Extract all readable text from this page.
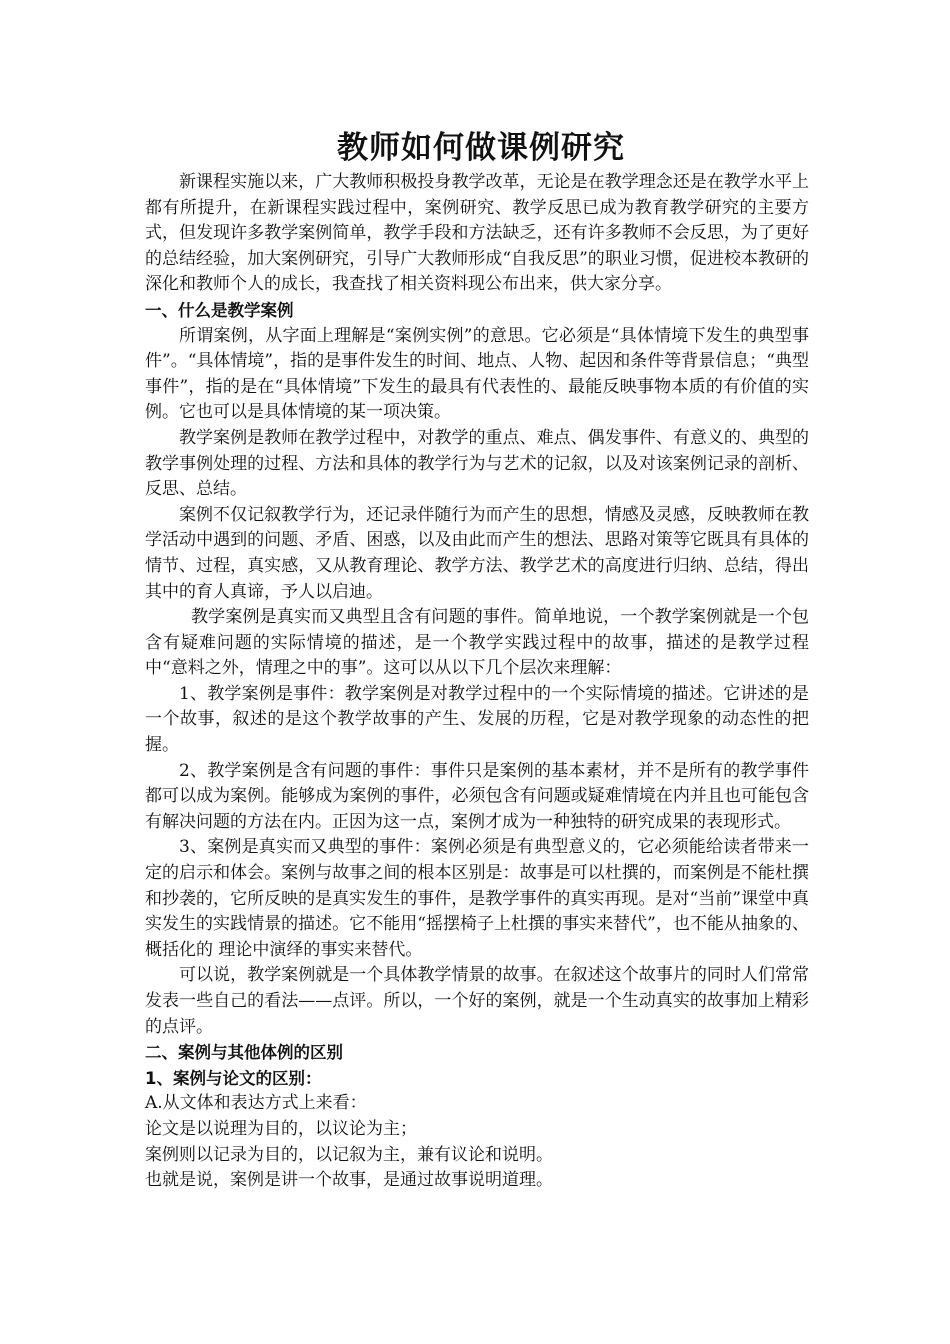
教师如何做课例研究

新课程实施以来，广大教师积极投身教学改革，无论是在教学理念还是在教学水平上都有所提升，在新课程实践过程中，案例研究、教学反思已成为教育教学研究的主要方式，但发现许多教学案例简单，教学手段和方法缺乏，还有许多教师不会反思，为了更好的总结经验，加大案例研究，引导广大教师形成“自我反思”的职业习惯，促进校本教研的深化和教师个人的成长，我查找了相关资料现公布出来，供大家分享。

一、什么是教学案例

所谓案例，从字面上理解是“案例实例”的意思。它必须是“具体情境下发生的典型事件”。“具体情境”，指的是事件发生的时间、地点、人物、起因和条件等背景信息；“典型事件”，指的是在“具体情境”下发生的最具有代表性的、最能反映事物本质的有价值的实例。它也可以是具体情境的某一项决策。

教学案例是教师在教学过程中，对教学的重点、难点、偶发事件、有意义的、典型的教学事例处理的过程、方法和具体的教学行为与艺术的记叙，以及对该案例记录的剖析、反思、总结。

案例不仅记叙教学行为，还记录伴随行为而产生的思想，情感及灵感，反映教师在教学活动中遇到的问题、矛盾、困惑，以及由此而产生的想法、思路对策等它既具有具体的情节、过程，真实感，又从教育理论、教学方法、教学艺术的高度进行归纳、总结，得出其中的育人真谛，予人以启迪。

教学案例是真实而又典型且含有问题的事件。简单地说，一个教学案例就是一个包含有疑难问题的实际情境的描述，是一个教学实践过程中的故事，描述的是教学过程中“意料之外，情理之中的事”。这可以从以下几个层次来理解：

1、教学案例是事件：教学案例是对教学过程中的一个实际情境的描述。它讲述的是一个故事，叙述的是这个教学故事的产生、发展的历程，它是对教学现象的动态性的把握。

2、教学案例是含有问题的事件：事件只是案例的基本素材，并不是所有的教学事件都可以成为案例。能够成为案例的事件，必须包含有问题或疑难情境在内并且也可能包含有解决问题的方法在内。正因为这一点，案例才成为一种独特的研究成果的表现形式。

3、案例是真实而又典型的事件：案例必须是有典型意义的，它必须能给读者带来一定的启示和体会。案例与故事之间的根本区别是：故事是可以杜撰的，而案例是不能杜撰和抄袭的，它所反映的是真实发生的事件，是教学事件的真实再现。是对“当前”课堂中真实发生的实践情景的描述。它不能用“摇摆椅子上杜撰的事实来替代”，也不能从抽象的、概括化的 理论中演绎的事实来替代。

可以说，教学案例就是一个具体教学情景的故事。在叙述这个故事片的同时人们常常发表一些自己的看法——点评。所以，一个好的案例，就是一个生动真实的故事加上精彩的点评。

二、案例与其他体例的区别

1、案例与论文的区别：

A.从文体和表达方式上来看：

论文是以说理为目的，以议论为主；

案例则以记录为目的，以记叙为主，兼有议论和说明。

也就是说，案例是讲一个故事，是通过故事说明道理。
